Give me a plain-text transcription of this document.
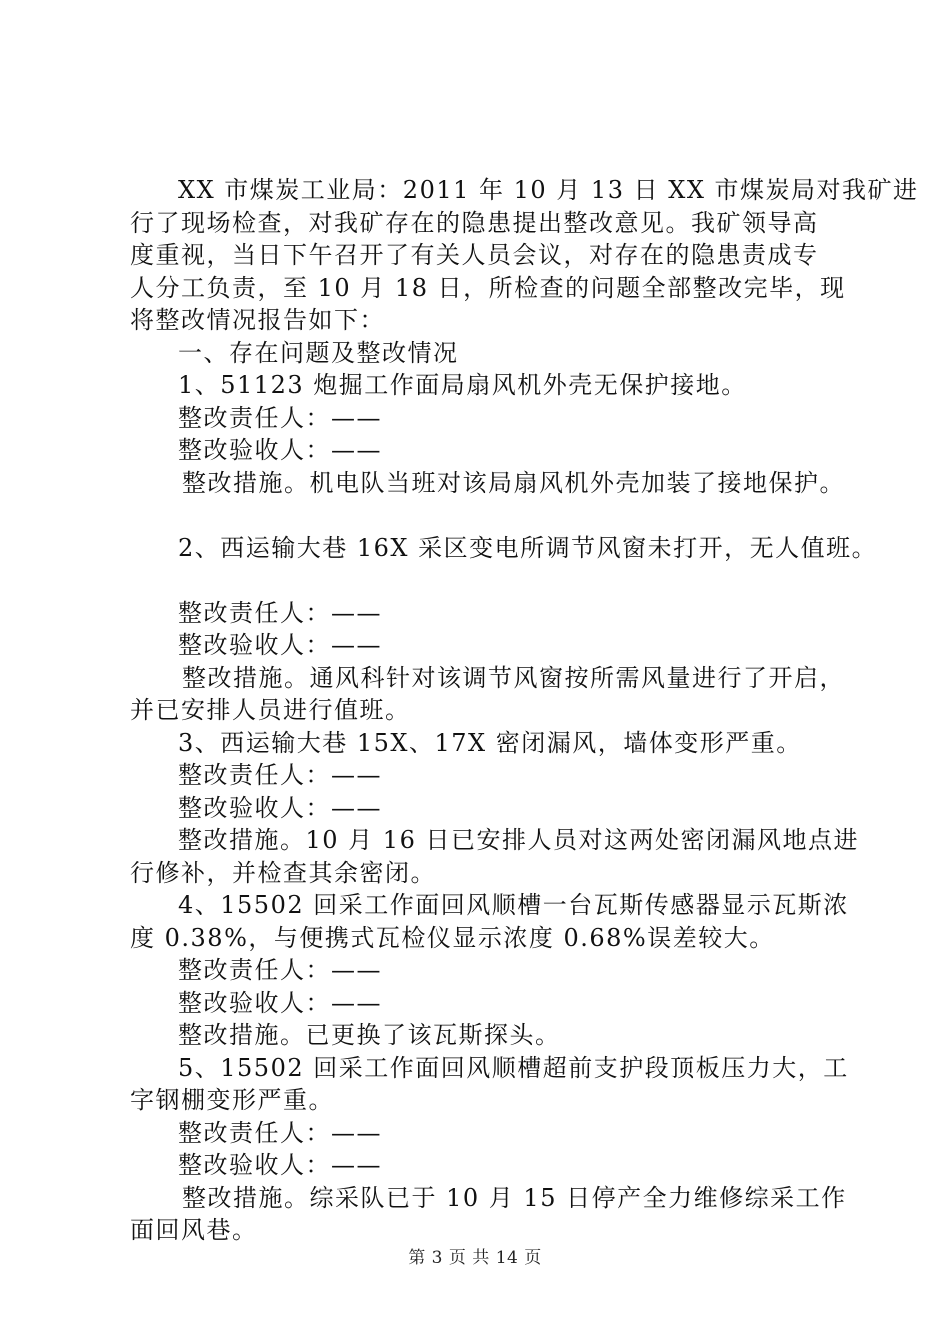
XX 市煤炭工业局：2011 年 10 月 13 日 XX 市煤炭局对我矿进
行了现场检查，对我矿存在的隐患提出整改意见。我矿领导高
度重视，当日下午召开了有关人员会议，对存在的隐患责成专
人分工负责，至 10 月 18 日，所检查的问题全部整改完毕，现
将整改情况报告如下：
一、存在问题及整改情况
1、51123 炮掘工作面局扇风机外壳无保护接地。
整改责任人：——
整改验收人：——
整改措施。机电队当班对该局扇风机外壳加装了接地保护。
2、西运输大巷 16X 采区变电所调节风窗未打开，无人值班。
整改责任人：——
整改验收人：——
整改措施。通风科针对该调节风窗按所需风量进行了开启，
并已安排人员进行值班。
3、西运输大巷 15X、17X 密闭漏风，墙体变形严重。
整改责任人：——
整改验收人：——
整改措施。10 月 16 日已安排人员对这两处密闭漏风地点进
行修补，并检查其余密闭。
4、15502 回采工作面回风顺槽一台瓦斯传感器显示瓦斯浓
度 0.38%，与便携式瓦检仪显示浓度 0.68%误差较大。
整改责任人：——
整改验收人：——
整改措施。已更换了该瓦斯探头。
5、15502 回采工作面回风顺槽超前支护段顶板压力大，工
字钢棚变形严重。
整改责任人：——
整改验收人：——
整改措施。综采队已于 10 月 15 日停产全力维修综采工作
面回风巷。
第 3 页 共 14 页
